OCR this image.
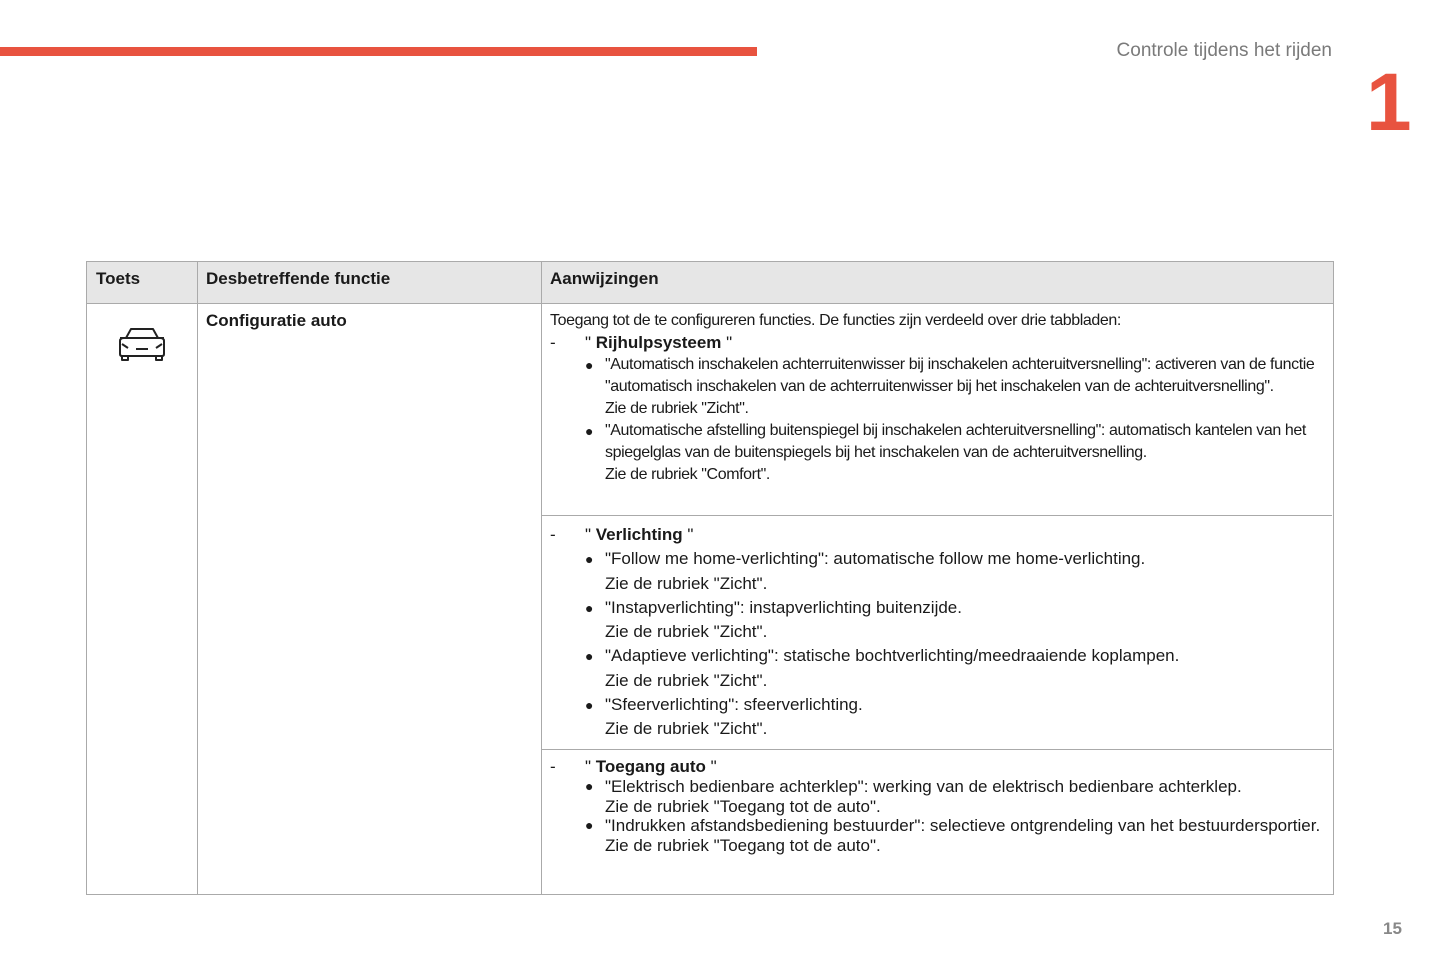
Controle tijdens het rijden
1
Toets	Desbetreffende functie	Aanwijzingen
Configuratie auto	Toegang tot de te configureren functies. De functies zijn verdeeld over drie tabbladen:
- " Rijhulpsysteem "
● "Automatisch inschakelen achterruitenwisser bij inschakelen achteruitversnelling": activeren van de functie "automatisch inschakelen van de achterruitenwisser bij het inschakelen van de achteruitversnelling".
Zie de rubriek "Zicht".
● "Automatische afstelling buitenspiegel bij inschakelen achteruitversnelling": automatisch kantelen van het spiegelglas van de buitenspiegels bij het inschakelen van de achteruitversnelling.
Zie de rubriek "Comfort".
- " Verlichting "
● "Follow me home-verlichting": automatische follow me home-verlichting.
Zie de rubriek "Zicht".
● "Instapverlichting": instapverlichting buitenzijde.
Zie de rubriek "Zicht".
● "Adaptieve verlichting": statische bochtverlichting/meedraaiende koplampen.
Zie de rubriek "Zicht".
● "Sfeerverlichting": sfeerverlichting.
Zie de rubriek "Zicht".
- " Toegang auto "
● "Elektrisch bedienbare achterklep": werking van de elektrisch bedienbare achterklep.
Zie de rubriek "Toegang tot de auto".
● "Indrukken afstandsbediening bestuurder": selectieve ontgrendeling van het bestuurdersportier.
Zie de rubriek "Toegang tot de auto".
15
